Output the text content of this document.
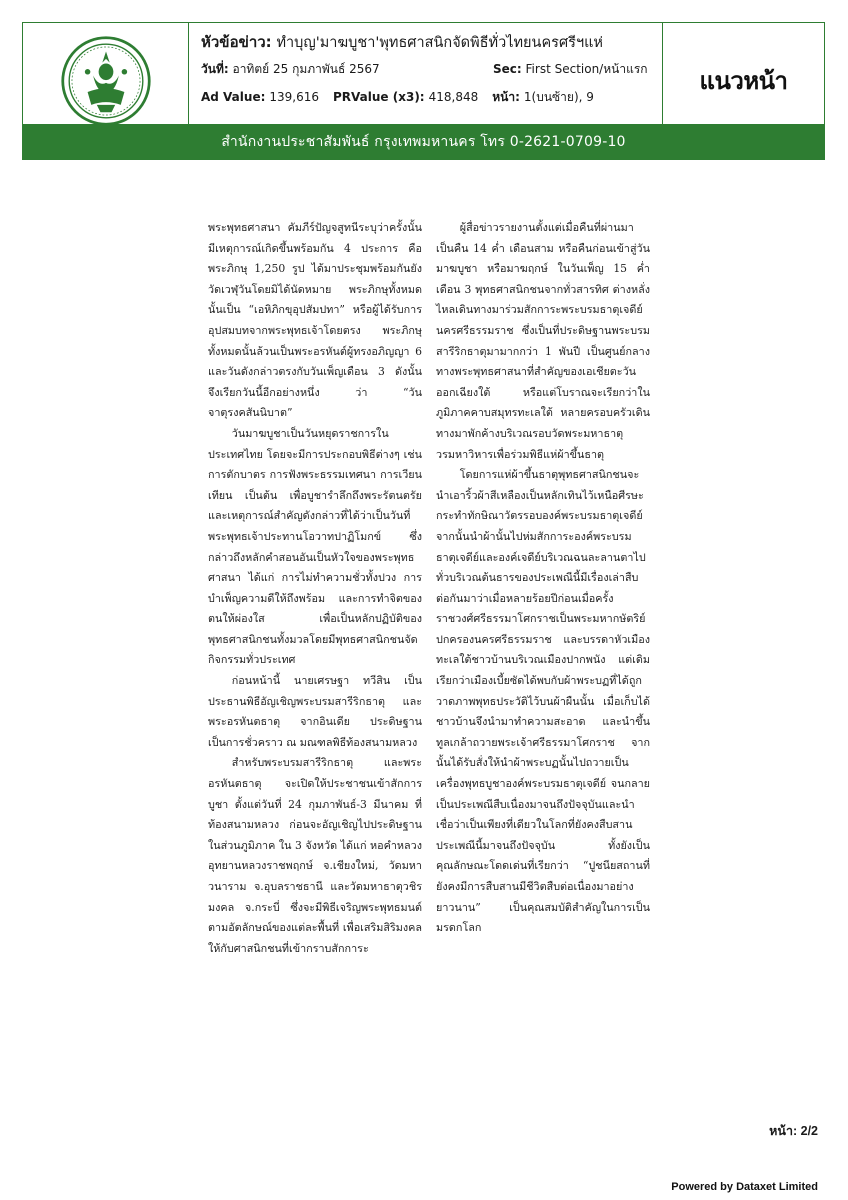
หัวข้อข่าว: ทำบุญ'มาฆบูชา'พุทธศาสนิกจัดพิธีทั่วไทยนครศรีฯแห่
วันที่: อาทิตย์ 25 กุมภาพันธ์ 2567	Sec: First Section/หน้าแรก
Ad Value: 139,616 PRValue (x3): 418,848 หน้า: 1(บนซ้าย), 9
แนวหน้า
สำนักงานประชาสัมพันธ์ กรุงเทพมหานคร โทร 0-2621-0709-10

พระพุทธศาสนา คัมภีร์ปัญจสูทนีระบุว่าครั้งนั้น มีเหตุการณ์เกิดขึ้นพร้อมกัน 4 ประการ คือ พระภิกษุ 1,250 รูป ได้มาประชุมพร้อมกันยังวัดเวฬุวันโดยมิได้นัดหมาย พระภิกษุทั้งหมดนั้นเป็น “เอหิภิกขุอุปสัมปทา” หรือผู้ได้รับการอุปสมบทจากพระพุทธเจ้าโดยตรง พระภิกษุทั้งหมดนั้นล้วนเป็นพระอรหันต์ผู้ทรงอภิญญา 6 และวันดังกล่าวตรงกับวันเพ็ญเดือน 3 ดังนั้น จึงเรียกวันนี้อีกอย่างหนึ่ง ว่า “วันจาตุรงคสันนิบาต”

วันมาฆบูชาเป็นวันหยุดราชการในประเทศไทย โดยจะมีการประกอบพิธีต่างๆ เช่น การตักบาตร การฟังพระธรรมเทศนา การเวียนเทียน เป็นต้น เพื่อบูชารำลึกถึงพระรัตนตรัยและเหตุการณ์สำคัญดังกล่าวที่ได้ว่าเป็นวันที่พระพุทธเจ้าประทานโอวาทปาฏิโมกข์ ซึ่งกล่าวถึงหลักคำสอนอันเป็นหัวใจของพระพุทธศาสนา ได้แก่ การไม่ทำความชั่วทั้งปวง การบำเพ็ญความดีให้ถึงพร้อม และการทำจิตของตนให้ผ่องใส เพื่อเป็นหลักปฏิบัติของพุทธศาสนิกชนทั้งมวลโดยมีพุทธศาสนิกชนจัดกิจกรรมทั่วประเทศ

ก่อนหน้านี้ นายเศรษฐา ทวีสิน เป็นประธานพิธีอัญเชิญพระบรมสารีริกธาตุ และพระอรหันตธาตุ จากอินเดีย ประดิษฐานเป็นการชั่วคราว ณ มณฑลพิธีท้องสนามหลวง

สำหรับพระบรมสารีริกธาตุ และพระอรหันตธาตุ จะเปิดให้ประชาชนเข้าสักการบูชา ตั้งแต่วันที่ 24 กุมภาพันธ์-3 มีนาคม ที่ท้องสนามหลวง ก่อนจะอัญเชิญไปประดิษฐานในส่วนภูมิภาค ใน 3 จังหวัด ได้แก่ หอคำหลวง อุทยานหลวงราชพฤกษ์ จ.เชียงใหม่, วัดมหาวนาราม จ.อุบลราชธานี และวัดมหาธาตุวชิรมงคล จ.กระบี่ ซึ่งจะมีพิธีเจริญพระพุทธมนต์ ตามอัตลักษณ์ของแต่ละพื้นที่ เพื่อเสริมสิริมงคลให้กับศาสนิกชนที่เข้ากราบสักการะ

ผู้สื่อข่าวรายงานตั้งแต่เมื่อคืนที่ผ่านมาเป็นคืน 14 ค่ำ เดือนสาม หรือคืนก่อนเข้าสู่วันมาฆบูชา หรือมาฆฤกษ์ ในวันเพ็ญ 15 ค่ำ เดือน 3 พุทธศาสนิกชนจากทั่วสารทิศ ต่างหลั่งไหลเดินทางมาร่วมสักการะพระบรมธาตุเจดีย์นครศรีธรรมราช ซึ่งเป็นที่ประดิษฐานพระบรมสารีริกธาตุมามากกว่า 1 พันปี เป็นศูนย์กลางทางพระพุทธศาสนาที่สำคัญของเอเชียตะวันออกเฉียงใต้ หรือแต่โบราณจะเรียกว่าในภูมิภาคคาบสมุทรทะเลใต้ หลายครอบครัวเดินทางมาพักค้างบริเวณรอบวัดพระมหาธาตุวรมหาวิหารเพื่อร่วมพิธีแห่ผ้าขึ้นธาตุ

โดยการแห่ผ้าขึ้นธาตุพุทธศาสนิกชนจะนำเอาริ้วผ้าสีเหลืองเป็นหลักเทินไว้เหนือศีรษะกระทำทักษิณาวัตรรอบองค์พระบรมธาตุเจดีย์ จากนั้นนำผ้านั้นไปห่มสักการะองค์พระบรมธาตุเจดีย์และองค์เจดีย์บริเวณฉนละลานตาไปทั่วบริเวณต้นธารของประเพณีนี้มีเรื่องเล่าสืบต่อกันมาว่าเมื่อหลายร้อยปีก่อนเมื่อครั้งราชวงศ์ศรีธรรมาโศกราชเป็นพระมหากษัตริย์ปกครองนครศรีธรรมราช และบรรดาหัวเมืองทะเลใต้ชาวบ้านบริเวณเมืองปากพนัง แต่เดิมเรียกว่าเมืองเบี้ยซัดได้พบกับผ้าพระบฏที่ได้ถูกวาดภาพพุทธประวัติไว้บนผ้าผืนนั้น เมื่อเก็บได้ชาวบ้านจึงนำมาทำความสะอาด และนำขึ้นทูลเกล้าถวายพระเจ้าศรีธรรมาโศกราช จากนั้นได้รับสั่งให้นำผ้าพระบฏนั้นไปถวายเป็นเครื่องพุทธบูชาองค์พระบรมธาตุเจดีย์ จนกลายเป็นประเพณีสืบเนื่องมาจนถึงปัจจุบันและนำเชื่อว่าเป็นเพียงที่เดียวในโลกที่ยังคงสืบสานประเพณีนี้มาจนถึงปัจจุบัน ทั้งยังเป็นคุณลักษณะโดดเด่นที่เรียกว่า “ปูชนียสถานที่ยังคงมีการสืบสานมีชีวิตสืบต่อเนื่องมาอย่างยาวนาน” เป็นคุณสมบัติสำคัญในการเป็นมรดกโลก

หน้า: 2/2
Powered by Dataxet Limited
